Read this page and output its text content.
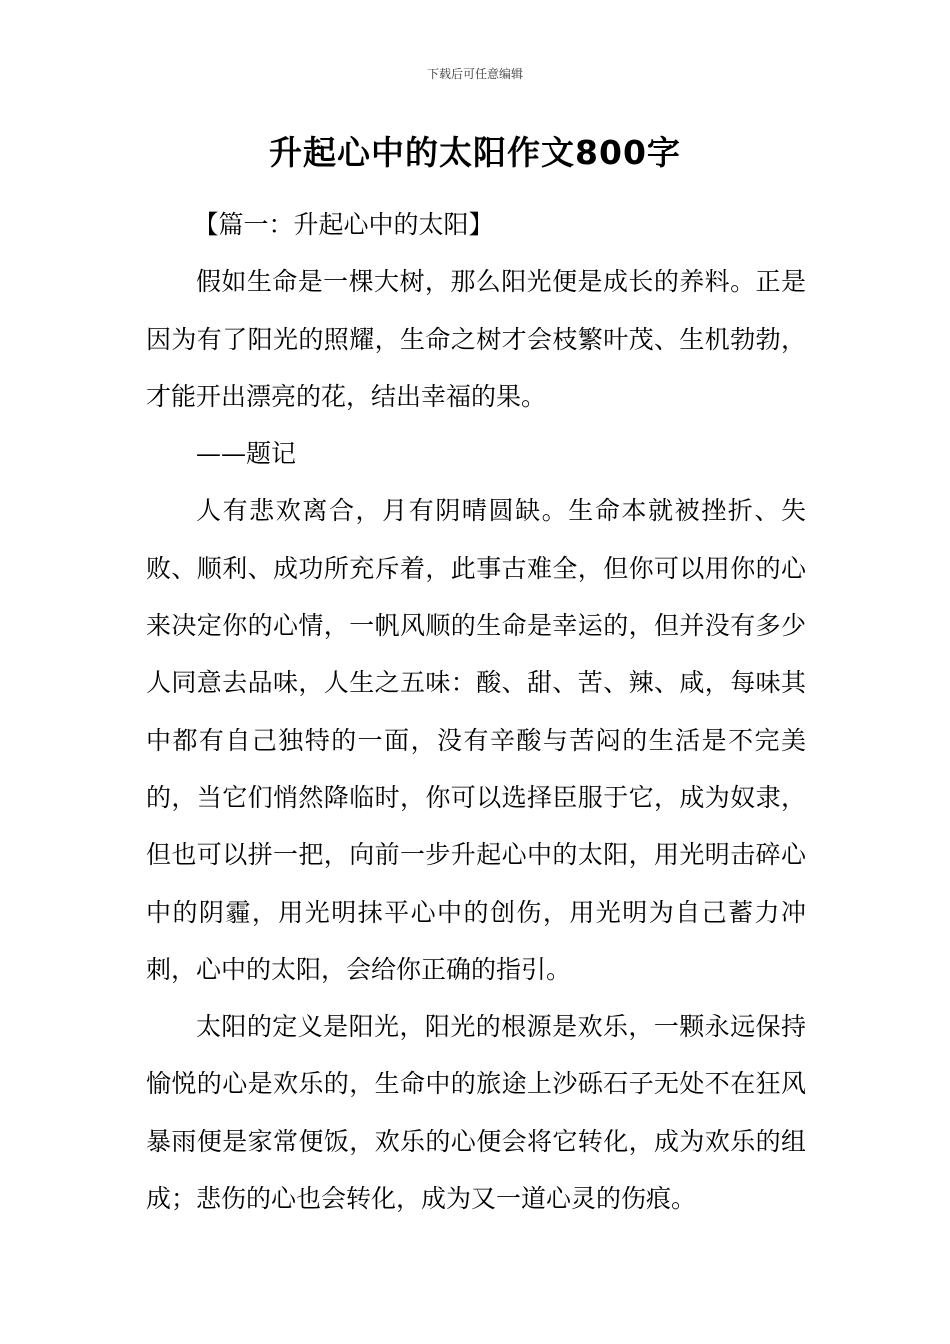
下载后可任意编辑
升起心中的太阳作文800字

【篇一：升起心中的太阳】

假如生命是一棵大树，那么阳光便是成长的养料。正是因为有了阳光的照耀，生命之树才会枝繁叶茂、生机勃勃，才能开出漂亮的花，结出幸福的果。

——题记

人有悲欢离合，月有阴晴圆缺。生命本就被挫折、失败、顺利、成功所充斥着，此事古难全，但你可以用你的心来决定你的心情，一帆风顺的生命是幸运的，但并没有多少人同意去品味，人生之五味：酸、甜、苦、辣、咸，每味其中都有自己独特的一面，没有辛酸与苦闷的生活是不完美的，当它们悄然降临时，你可以选择臣服于它，成为奴隶，但也可以拼一把，向前一步升起心中的太阳，用光明击碎心中的阴霾，用光明抹平心中的创伤，用光明为自己蓄力冲刺，心中的太阳，会给你正确的指引。

太阳的定义是阳光，阳光的根源是欢乐，一颗永远保持愉悦的心是欢乐的，生命中的旅途上沙砾石子无处不在狂风暴雨便是家常便饭，欢乐的心便会将它转化，成为欢乐的组成；悲伤的心也会转化，成为又一道心灵的伤痕。
